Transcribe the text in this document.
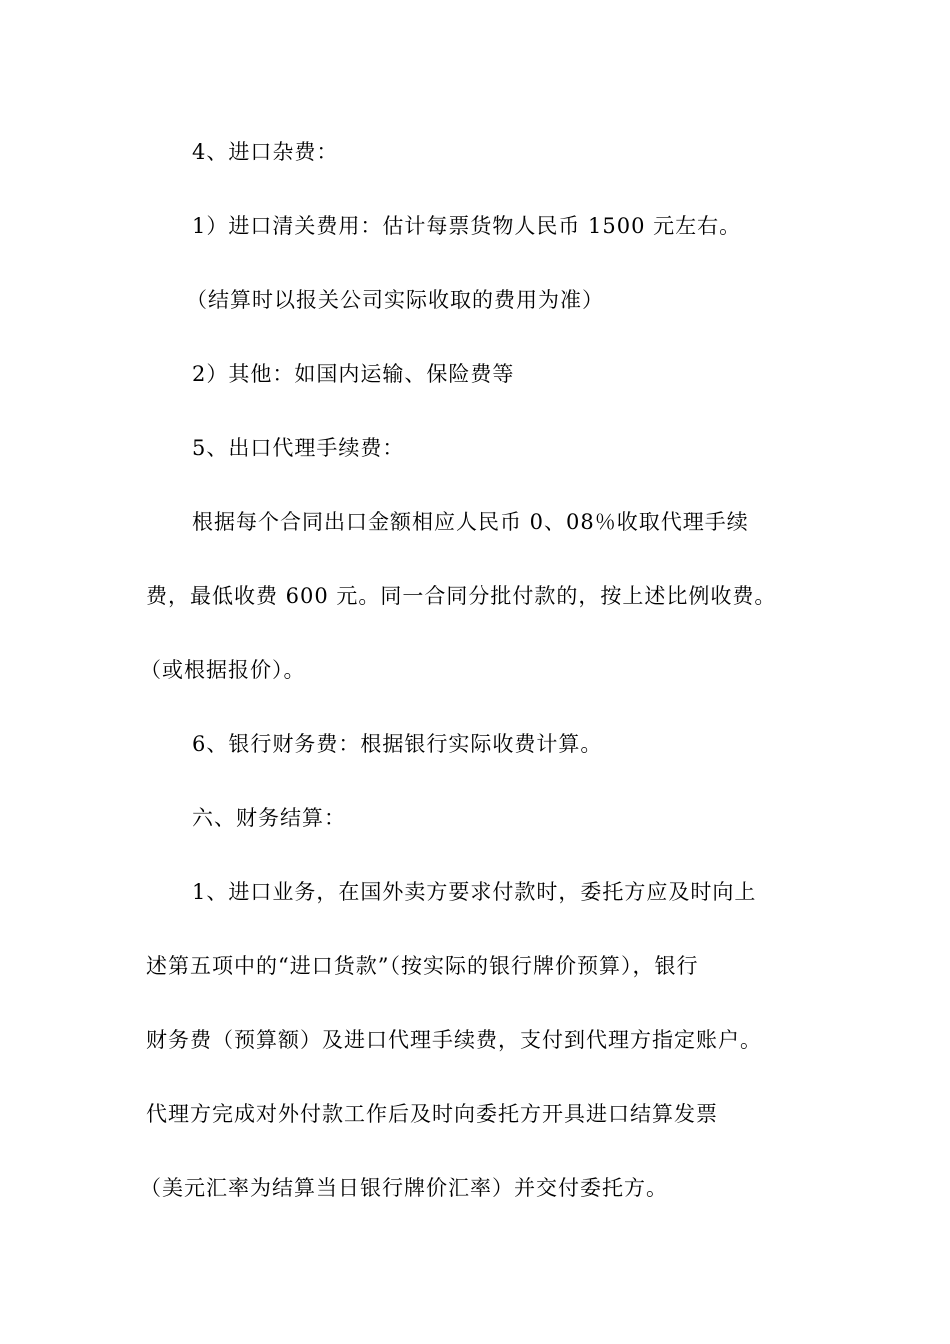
4、进口杂费：

1）进口清关费用：估计每票货物人民币 1500 元左右。

（结算时以报关公司实际收取的费用为准）

2）其他：如国内运输、保险费等

5、出口代理手续费：

根据每个合同出口金额相应人民币 0、08％收取代理手续

费，最低收费 600 元。同一合同分批付款的，按上述比例收费。

（或根据报价）。

6、银行财务费：根据银行实际收费计算。

六、财务结算：

1、进口业务，在国外卖方要求付款时，委托方应及时向上

述第五项中的“进口货款”（按实际的银行牌价预算），银行

财务费（预算额）及进口代理手续费，支付到代理方指定账户。

代理方完成对外付款工作后及时向委托方开具进口结算发票

（美元汇率为结算当日银行牌价汇率）并交付委托方。
